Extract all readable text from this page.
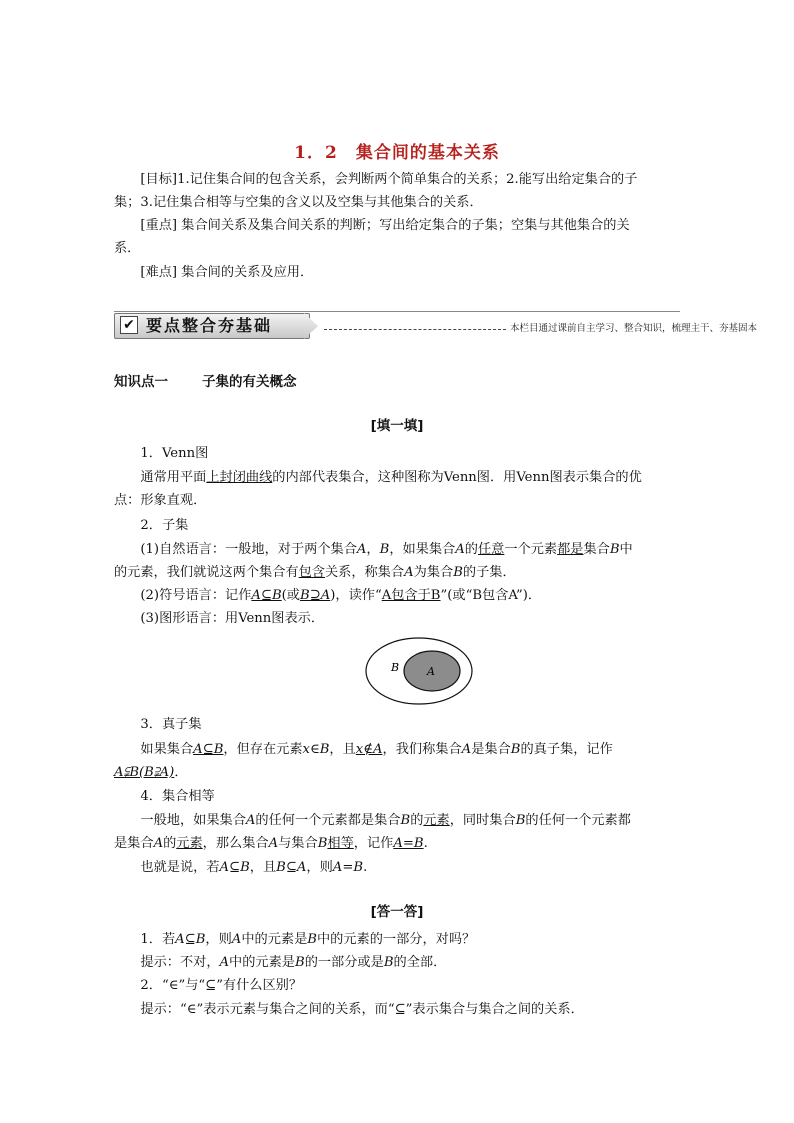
1．2　集合间的基本关系
[目标]1.记住集合间的包含关系，会判断两个简单集合的关系；2.能写出给定集合的子
集；3.记住集合相等与空集的含义以及空集与其他集合的关系．
[重点] 集合间关系及集合间关系的判断；写出给定集合的子集；空集与其他集合的关
系．
[难点] 集合间的关系及应用．
✔ 要点整合夯基础	本栏目通过课前自主学习、整合知识，梳理主干、夯基固本
知识点一	子集的有关概念
[填一填]
1．Venn图
通常用平面上封闭曲线的内部代表集合，这种图称为Venn图．用Venn图表示集合的优
点：形象直观．
2．子集
(1)自然语言：一般地，对于两个集合A，B，如果集合A的任意一个元素都是集合B中
的元素，我们就说这两个集合有包含关系，称集合A为集合B的子集．
(2)符号语言：记作A⊆B(或B⊇A)，读作“A包含于B”(或“B包含A”)．
(3)图形语言：用Venn图表示．
B	A
3．真子集
如果集合A⊆B，但存在元素x∈B，且x∉A，我们称集合A是集合B的真子集，记作
A⫋B(B⫌A)．
4．集合相等
一般地，如果集合A的任何一个元素都是集合B的元素，同时集合B的任何一个元素都
是集合A的元素，那么集合A与集合B相等，记作A=B.
也就是说，若A⊆B，且B⊆A，则A=B.
[答一答]
1．若A⊆B，则A中的元素是B中的元素的一部分，对吗？
提示：不对，A中的元素是B的一部分或是B的全部．
2．“∈”与“⊆”有什么区别？
提示：“∈”表示元素与集合之间的关系，而“⊆”表示集合与集合之间的关系．
